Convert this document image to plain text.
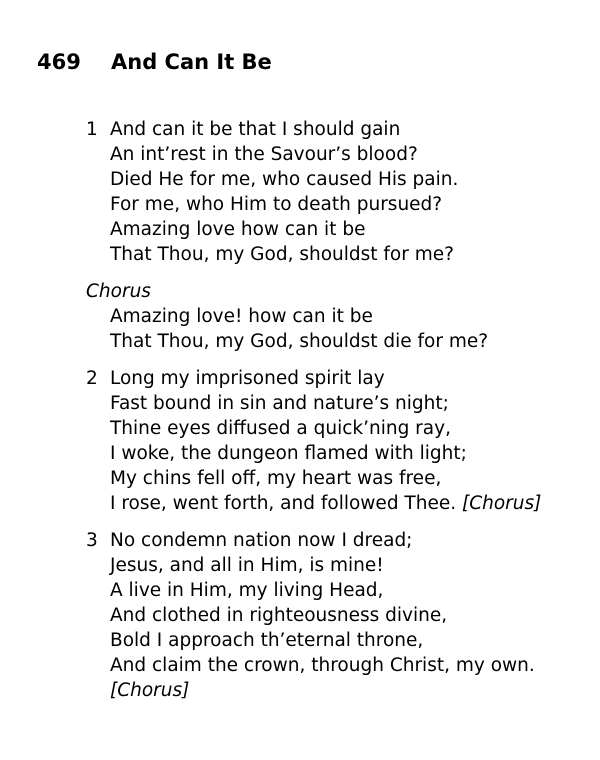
469	And Can It Be
1 And can it be that I should gain
An int’rest in the Savour’s blood?
Died He for me, who caused His pain.
For me, who Him to death pursued?
Amazing love how can it be
That Thou, my God, shouldst for me?
Chorus
Amazing love! how can it be
That Thou, my God, shouldst die for me?
2 Long my imprisoned spirit lay
Fast bound in sin and nature’s night;
Thine eyes diffused a quick’ning ray,
I woke, the dungeon flamed with light;
My chins fell off, my heart was free,
I rose, went forth, and followed Thee. [Chorus]
3 No condemn nation now I dread;
Jesus, and all in Him, is mine!
A live in Him, my living Head,
And clothed in righteousness divine,
Bold I approach th’eternal throne,
And claim the crown, through Christ, my own.
[Chorus]
